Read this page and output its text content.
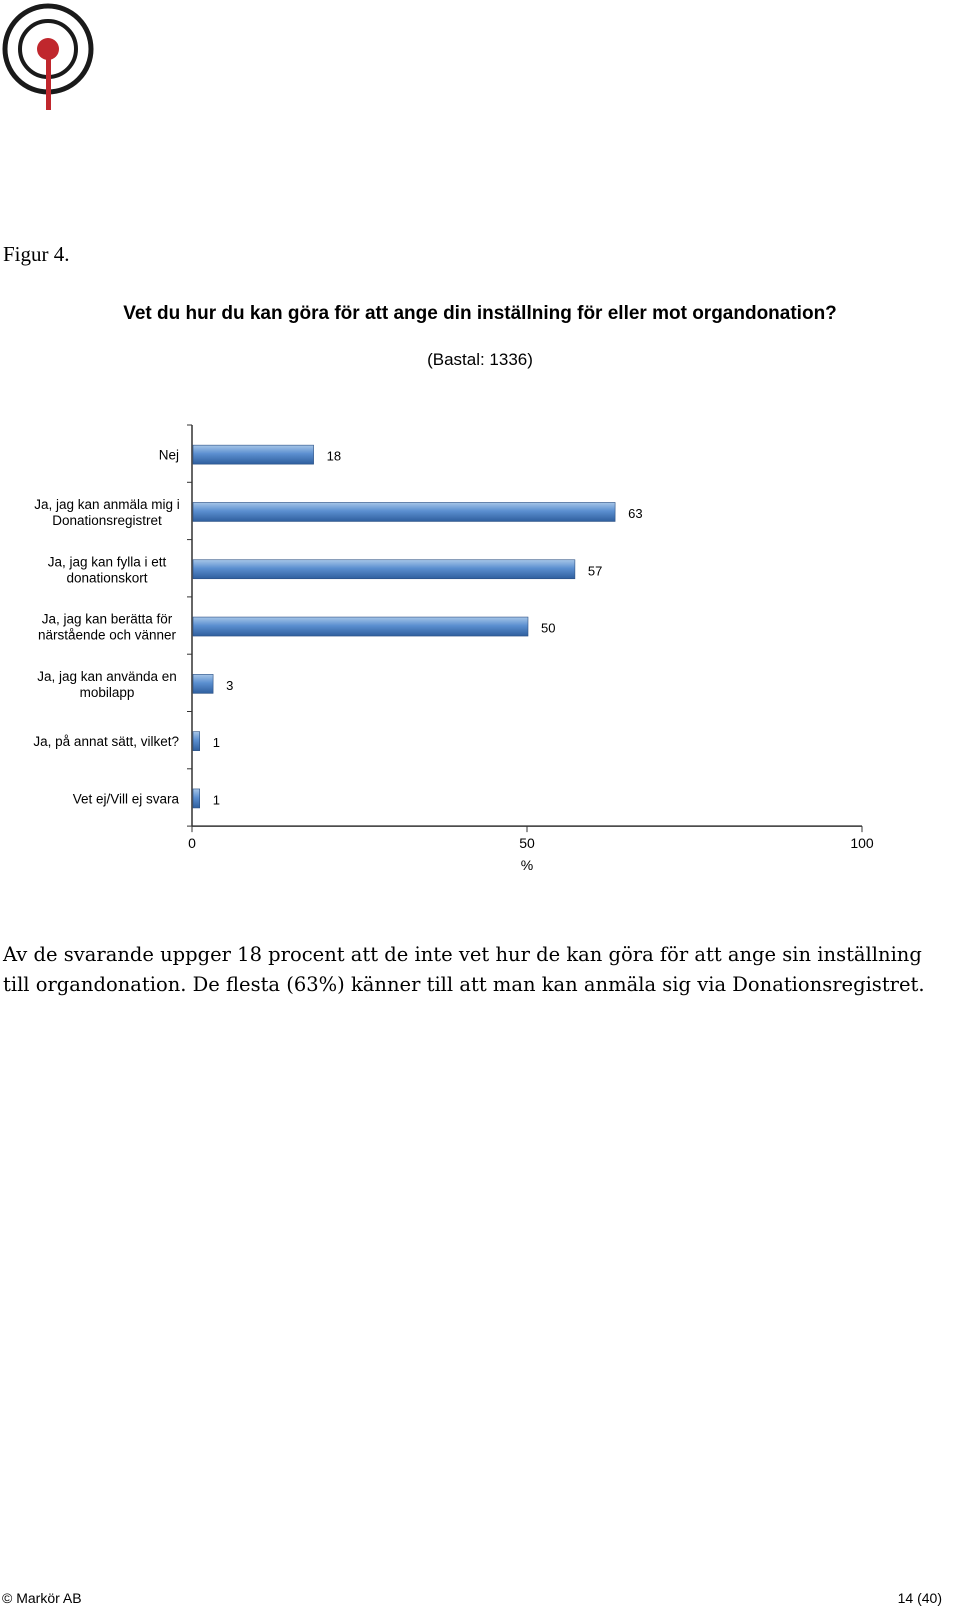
Figur 4.
Vet du hur du kan göra för att ange din inställning för eller mot organdonation?
(Bastal: 1336)
18
Nej
63
Ja, jag kan anmäla mig i
Donationsregistret
57
Ja, jag kan fylla i ett
donationskort
50
Ja, jag kan berätta för
närstående och vänner
3
Ja, jag kan använda en
mobilapp
1
Ja, på annat sätt, vilket?
1
Vet ej/Vill ej svara
0	50	100
%
Av de svarande uppger 18 procent att de inte vet hur de kan göra för att ange sin inställning till organdonation. De flesta (63%) känner till att man kan anmäla sig via Donationsregistret.
© Markör AB	14 (40)
